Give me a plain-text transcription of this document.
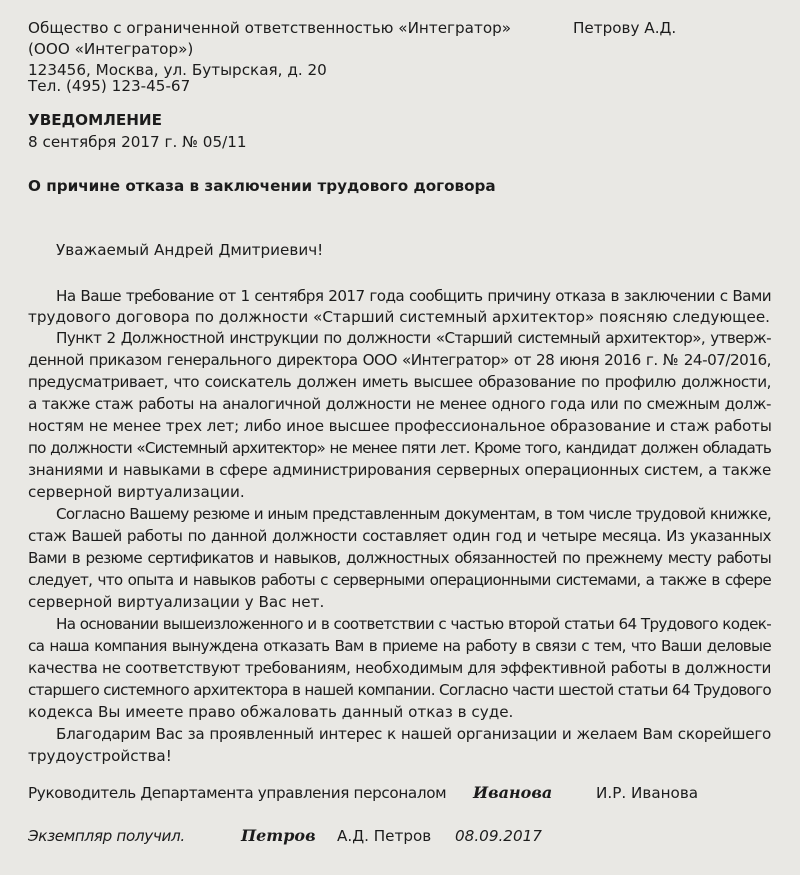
Общество с ограниченной ответственностью «Интегратор»	Петрову А.Д.
(ООО «Интегратор»)
123456, Москва, ул. Бутырская, д. 20
Тел. (495) 123-45-67
УВЕДОМЛЕНИЕ
8 сентября 2017 г. № 05/11
О причине отказа в заключении трудового договора
Уважаемый Андрей Дмитриевич!
На Ваше требование от 1 сентября 2017 года сообщить причину отказа в заключении с Вами
трудового договора по должности «Старший системный архитектор» поясняю следующее.
Пункт 2 Должностной инструкции по должности «Старший системный архитектор», утверж-
денной приказом генерального директора ООО «Интегратор» от 28 июня 2016 г. № 24-07/2016,
предусматривает, что соискатель должен иметь высшее образование по профилю должности,
а также стаж работы на аналогичной должности не менее одного года или по смежным долж-
ностям не менее трех лет; либо иное высшее профессиональное образование и стаж работы
по должности «Системный архитектор» не менее пяти лет. Кроме того, кандидат должен обладать
знаниями и навыками в сфере администрирования серверных операционных систем, а также
серверной виртуализации.
Согласно Вашему резюме и иным представленным документам, в том числе трудовой книжке,
стаж Вашей работы по данной должности составляет один год и четыре месяца. Из указанных
Вами в резюме сертификатов и навыков, должностных обязанностей по прежнему месту работы
следует, что опыта и навыков работы с серверными операционными системами, а также в сфере
серверной виртуализации у Вас нет.
На основании вышеизложенного и в соответствии с частью второй статьи 64 Трудового кодек-
са наша компания вынуждена отказать Вам в приеме на работу в связи с тем, что Ваши деловые
качества не соответствуют требованиям, необходимым для эффективной работы в должности
старшего системного архитектора в нашей компании. Согласно части шестой статьи 64 Трудового
кодекса Вы имеете право обжаловать данный отказ в суде.
Благодарим Вас за проявленный интерес к нашей организации и желаем Вам скорейшего
трудоустройства!
Руководитель Департамента управления персоналом Иванова	И.Р. Иванова
Экземпляр получил.	Петров А.Д. Петров 08.09.2017
